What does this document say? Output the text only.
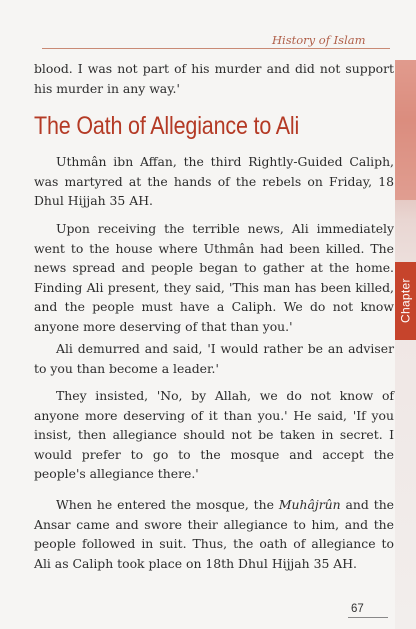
History of Islam
Chapter

blood. I was not part of his murder and did not support his murder in any way.'

The Oath of Allegiance to Ali

Uthmân ibn Affan, the third Rightly-Guided Caliph, was martyred at the hands of the rebels on Friday, 18 Dhul Hijjah 35 AH.

Upon receiving the terrible news, Ali immediately went to the house where Uthmân had been killed. The news spread and people began to gather at the home. Finding Ali present, they said, 'This man has been killed, and the people must have a Caliph. We do not know anyone more deserving of that than you.'

Ali demurred and said, 'I would rather be an adviser to you than become a leader.'

They insisted, 'No, by Allah, we do not know of anyone more deserving of it than you.' He said, 'If you insist, then allegiance should not be taken in secret. I would prefer to go to the mosque and accept the people's allegiance there.'

When he entered the mosque, the Muhâjrûn and the Ansar came and swore their allegiance to him, and the people followed in suit. Thus, the oath of allegiance to Ali as Caliph took place on 18th Dhul Hijjah 35 AH.

67
